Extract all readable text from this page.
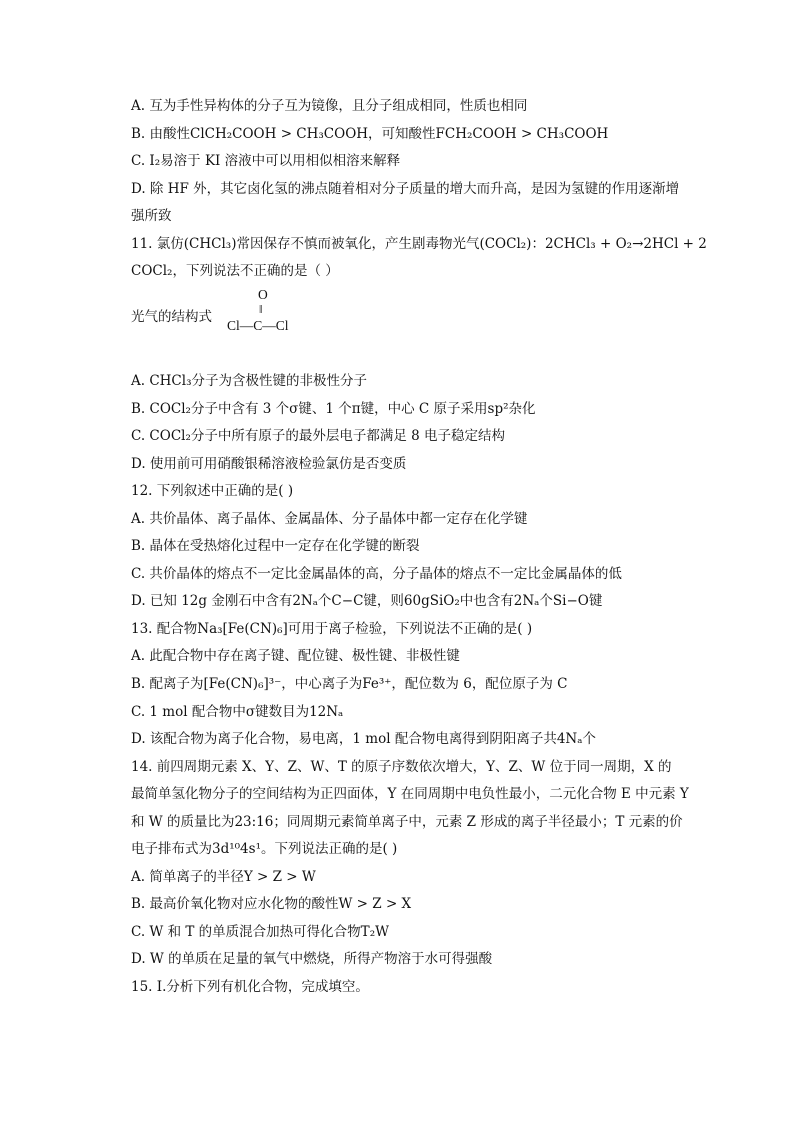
A. 互为手性异构体的分子互为镜像，且分子组成相同，性质也相同
B. 由酸性ClCH₂COOH > CH₃COOH，可知酸性FCH₂COOH > CH₃COOH
C. I₂易溶于 KI 溶液中可以用相似相溶来解释
D. 除 HF 外，其它卤化氢的沸点随着相对分子质量的增大而升高，是因为氢键的作用逐渐增
强所致
11. 氯仿(CHCl₃)常因保存不慎而被氧化，产生剧毒物光气(COCl₂)：2CHCl₃ + O₂→2HCl + 2
COCl₂，下列说法不正确的是（ ）
光气的结构式
O
‖
Cl—C—Cl
A. CHCl₃分子为含极性键的非极性分子
B. COCl₂分子中含有 3 个σ键、1 个π键，中心 C 原子采用sp²杂化
C. COCl₂分子中所有原子的最外层电子都满足 8 电子稳定结构
D. 使用前可用硝酸银稀溶液检验氯仿是否变质
12. 下列叙述中正确的是( )
A. 共价晶体、离子晶体、金属晶体、分子晶体中都一定存在化学键
B. 晶体在受热熔化过程中一定存在化学键的断裂
C. 共价晶体的熔点不一定比金属晶体的高，分子晶体的熔点不一定比金属晶体的低
D. 已知 12g 金刚石中含有2Nₐ个C−C键，则60gSiO₂中也含有2Nₐ个Si−O键
13. 配合物Na₃[Fe(CN)₆]可用于离子检验，下列说法不正确的是( )
A. 此配合物中存在离子键、配位键、极性键、非极性键
B. 配离子为[Fe(CN)₆]³⁻，中心离子为Fe³⁺，配位数为 6，配位原子为 C
C. 1 mol 配合物中σ键数目为12Nₐ
D. 该配合物为离子化合物，易电离，1 mol 配合物电离得到阴阳离子共4Nₐ个
14. 前四周期元素 X、Y、Z、W、T 的原子序数依次增大，Y、Z、W 位于同一周期，X 的
最简单氢化物分子的空间结构为正四面体，Y 在同周期中电负性最小，二元化合物 E 中元素 Y
和 W 的质量比为23:16；同周期元素简单离子中，元素 Z 形成的离子半径最小；T 元素的价
电子排布式为3d¹⁰4s¹。下列说法正确的是( )
A. 简单离子的半径Y > Z > W
B. 最高价氧化物对应水化物的酸性W > Z > X
C. W 和 T 的单质混合加热可得化合物T₂W
D. W 的单质在足量的氧气中燃烧，所得产物溶于水可得强酸
15. Ⅰ.分析下列有机化合物，完成填空。
